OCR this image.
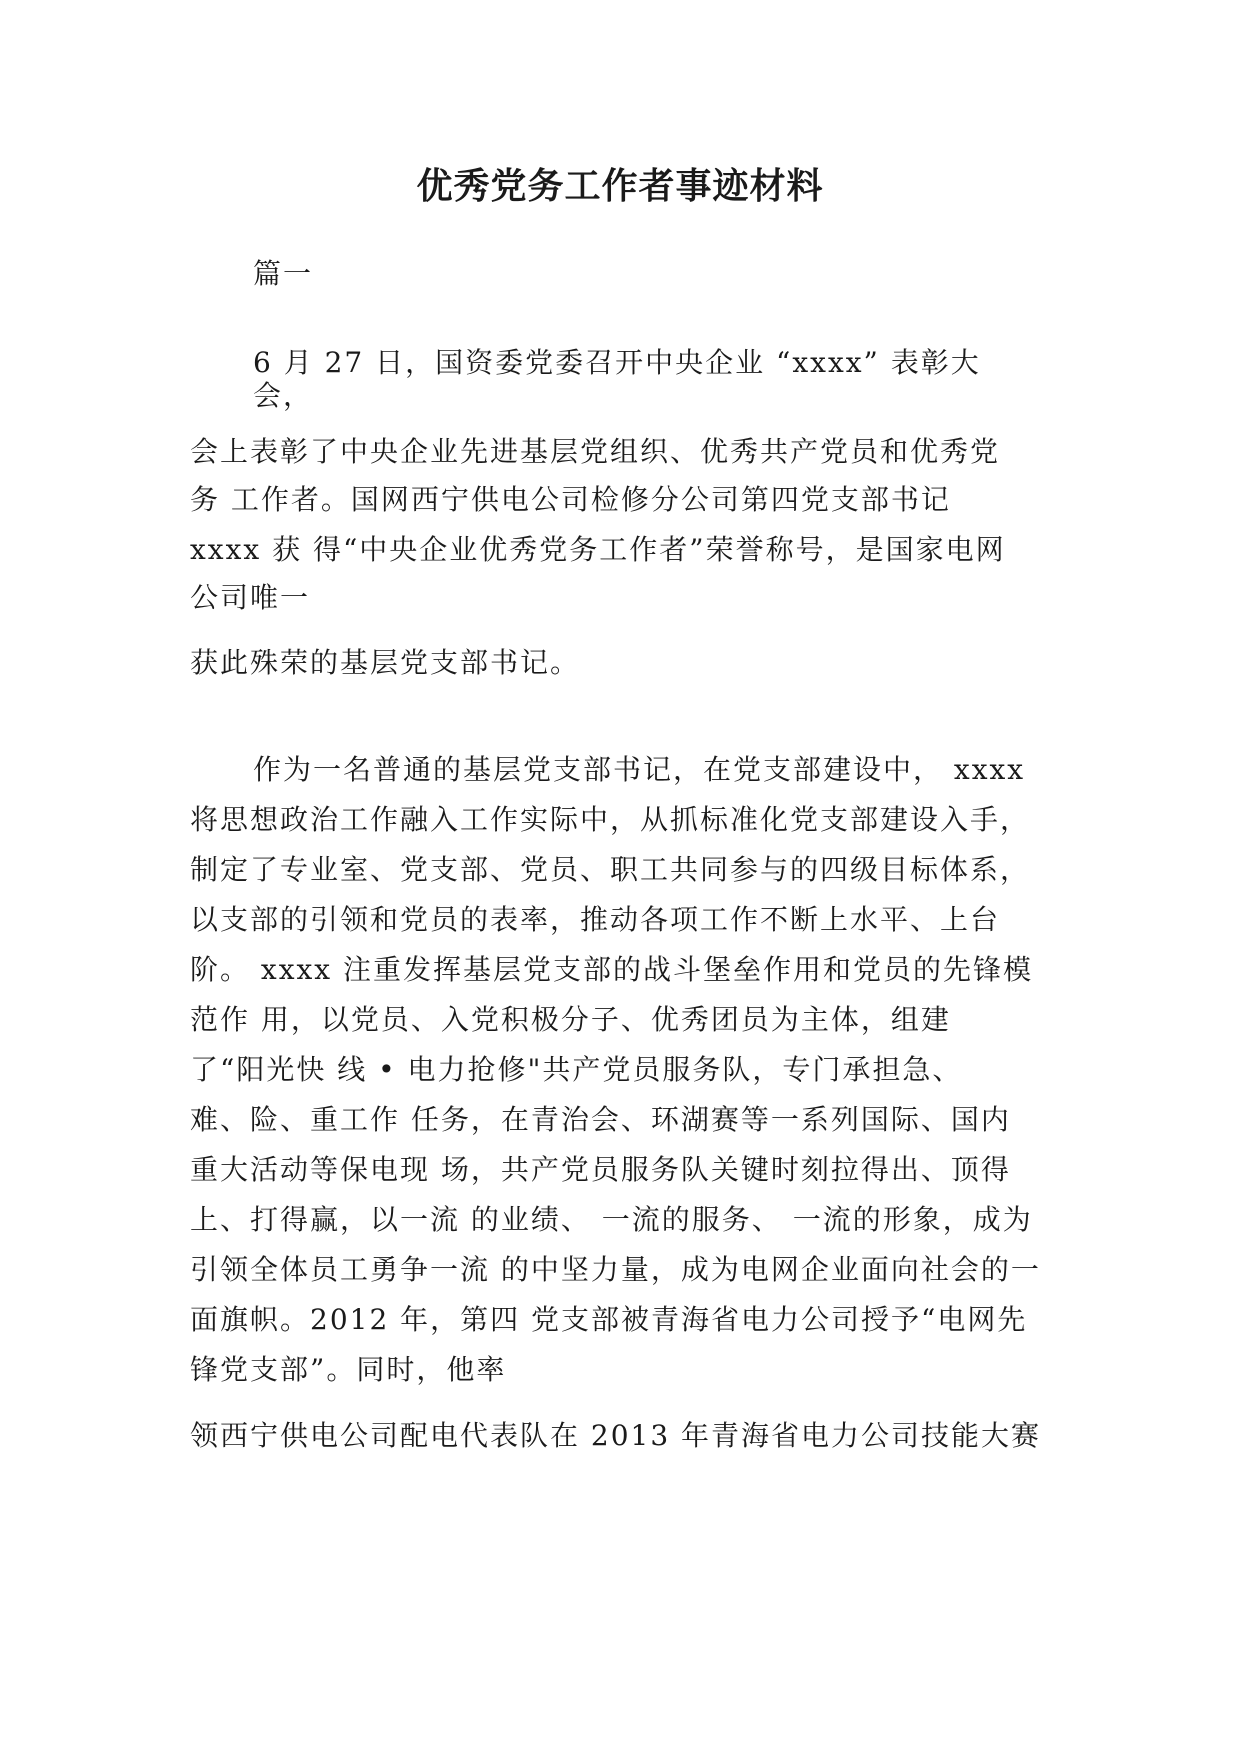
优秀党务工作者事迹材料
篇一
6 月 27 日，国资委党委召开中央企业 “xxxx” 表彰大
会，
会上表彰了中央企业先进基层党组织、优秀共产党员和优秀党
务 工作者。国网西宁供电公司检修分公司第四党支部书记
xxxx 获 得“中央企业优秀党务工作者”荣誉称号，是国家电网
公司唯一
获此殊荣的基层党支部书记。
作为一名普通的基层党支部书记，在党支部建设中， xxxx
将思想政治工作融入工作实际中，从抓标准化党支部建设入手，
制定了专业室、党支部、党员、职工共同参与的四级目标体系，
以支部的引领和党员的表率，推动各项工作不断上水平、上台
阶。 xxxx 注重发挥基层党支部的战斗堡垒作用和党员的先锋模
范作 用，以党员、入党积极分子、优秀团员为主体，组建
了“阳光快 线 • 电力抢修"共产党员服务队，专门承担急、
难、险、重工作 任务，在青治会、环湖赛等一系列国际、国内
重大活动等保电现 场，共产党员服务队关键时刻拉得出、顶得
上、打得赢，以一流 的业绩、 一流的服务、 一流的形象，成为
引领全体员工勇争一流 的中坚力量，成为电网企业面向社会的一
面旗帜。2012 年，第四 党支部被青海省电力公司授予“电网先
锋党支部”。同时，他率
领西宁供电公司配电代表队在 2013 年青海省电力公司技能大赛
